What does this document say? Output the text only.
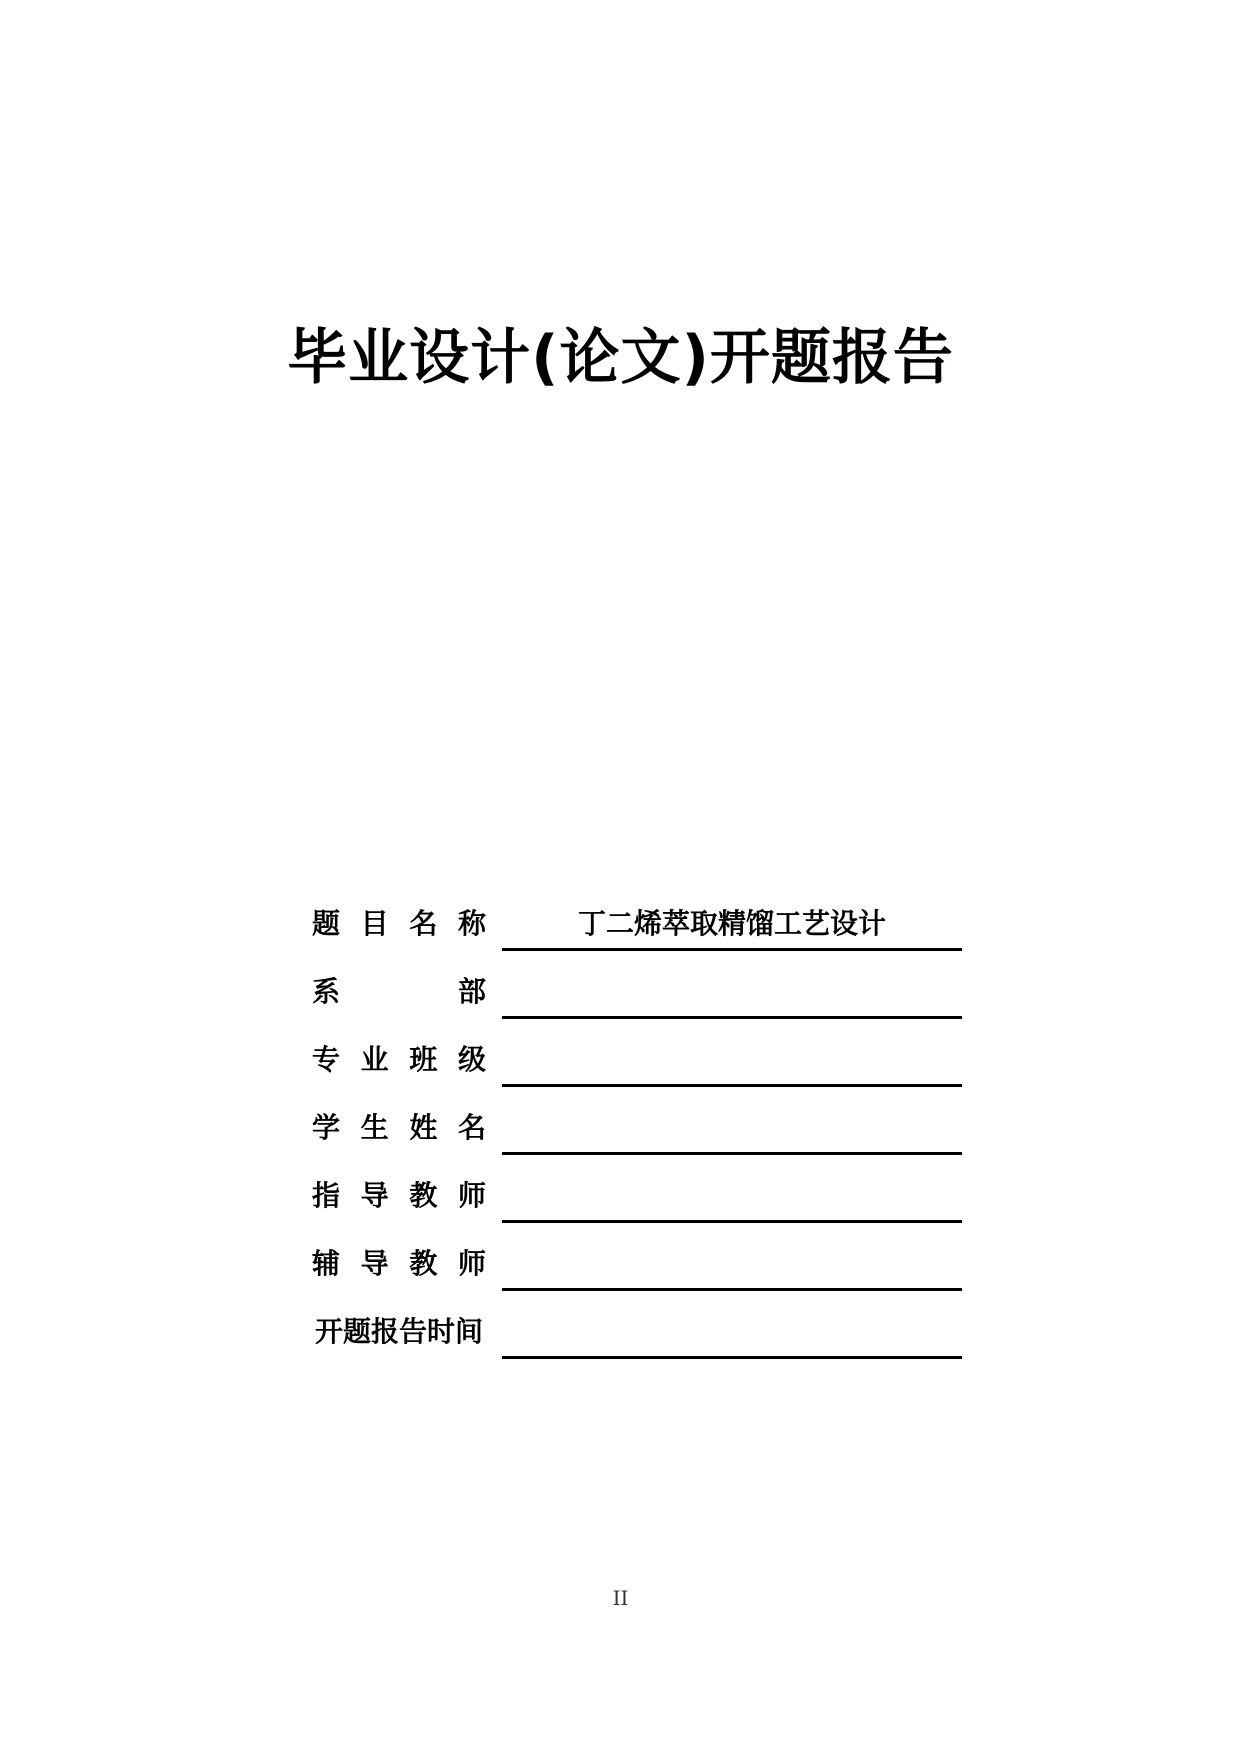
毕业设计(论文)开题报告
题 目 名 称	丁二烯萃取精馏工艺设计
系	部
专 业 班 级
学 生 姓 名
指 导 教 师
辅 导 教 师
开题报告时间
II
